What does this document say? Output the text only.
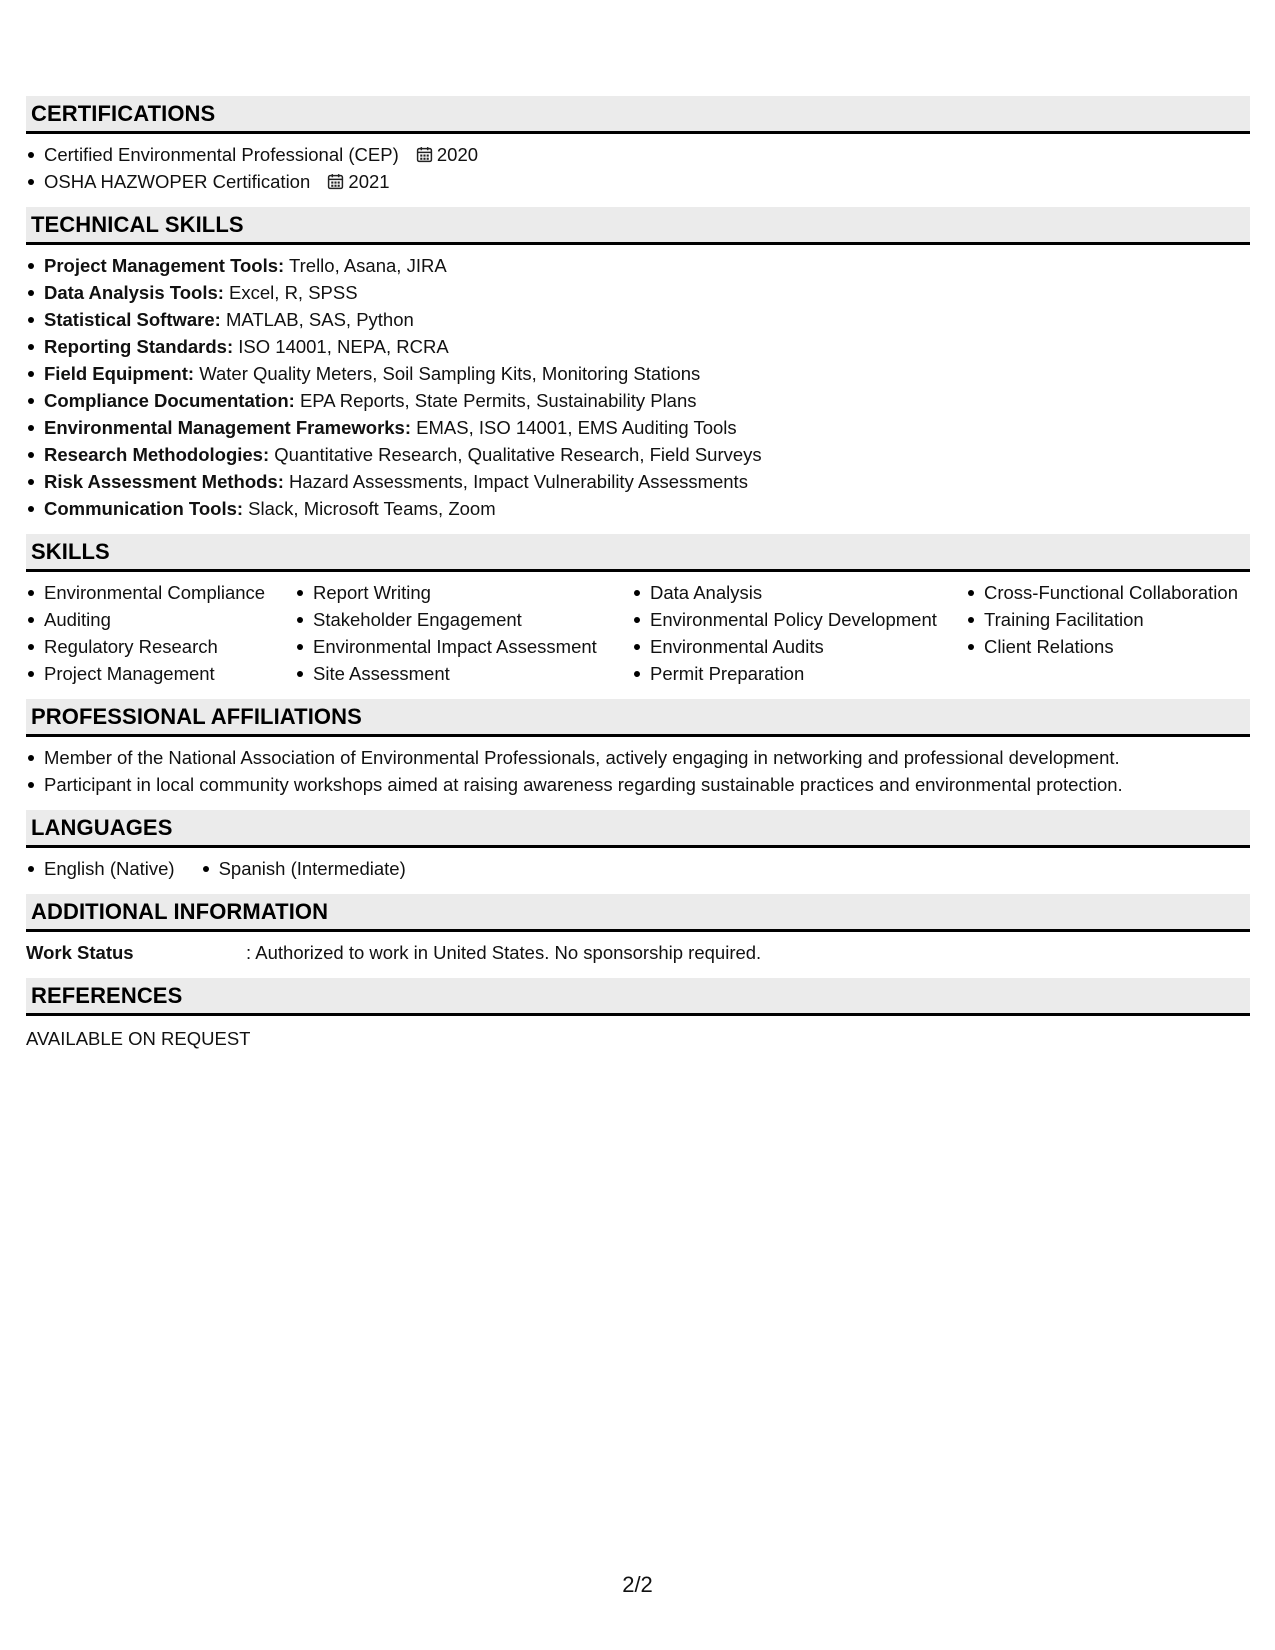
CERTIFICATIONS
Certified Environmental Professional (CEP) 2020
OSHA HAZWOPER Certification 2021
TECHNICAL SKILLS
Project Management Tools: Trello, Asana, JIRA
Data Analysis Tools: Excel, R, SPSS
Statistical Software: MATLAB, SAS, Python
Reporting Standards: ISO 14001, NEPA, RCRA
Field Equipment: Water Quality Meters, Soil Sampling Kits, Monitoring Stations
Compliance Documentation: EPA Reports, State Permits, Sustainability Plans
Environmental Management Frameworks: EMAS, ISO 14001, EMS Auditing Tools
Research Methodologies: Quantitative Research, Qualitative Research, Field Surveys
Risk Assessment Methods: Hazard Assessments, Impact Vulnerability Assessments
Communication Tools: Slack, Microsoft Teams, Zoom
SKILLS
Environmental Compliance
Auditing
Regulatory Research
Project Management
Report Writing
Stakeholder Engagement
Environmental Impact Assessment
Site Assessment
Data Analysis
Environmental Policy Development
Environmental Audits
Permit Preparation
Cross-Functional Collaboration
Training Facilitation
Client Relations
PROFESSIONAL AFFILIATIONS
Member of the National Association of Environmental Professionals, actively engaging in networking and professional development.
Participant in local community workshops aimed at raising awareness regarding sustainable practices and environmental protection.
LANGUAGES
English (Native)	Spanish (Intermediate)
ADDITIONAL INFORMATION
Work Status	: Authorized to work in United States. No sponsorship required.
REFERENCES
AVAILABLE ON REQUEST
2/2
